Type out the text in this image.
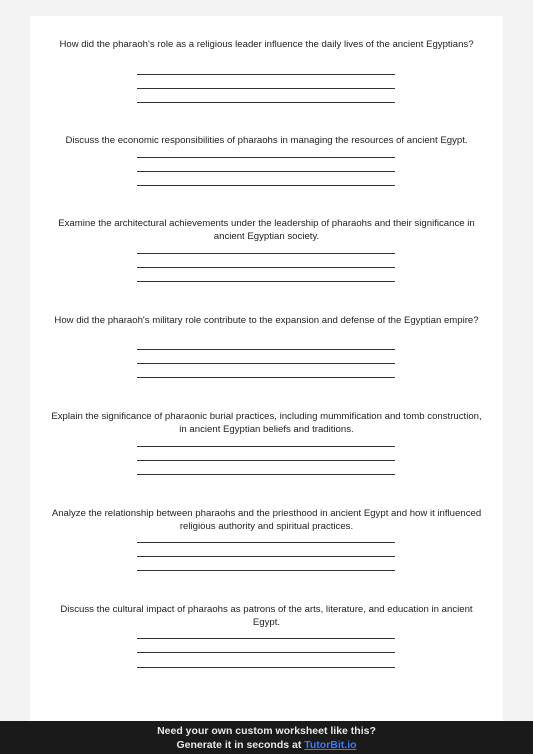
How did the pharaoh's role as a religious leader influence the daily lives of the ancient Egyptians?
Discuss the economic responsibilities of pharaohs in managing the resources of ancient Egypt.
Examine the architectural achievements under the leadership of pharaohs and their significance in ancient Egyptian society.
How did the pharaoh's military role contribute to the expansion and defense of the Egyptian empire?
Explain the significance of pharaonic burial practices, including mummification and tomb construction, in ancient Egyptian beliefs and traditions.
Analyze the relationship between pharaohs and the priesthood in ancient Egypt and how it influenced religious authority and spiritual practices.
Discuss the cultural impact of pharaohs as patrons of the arts, literature, and education in ancient Egypt.
Need your own custom worksheet like this?
Generate it in seconds at TutorBit.io
